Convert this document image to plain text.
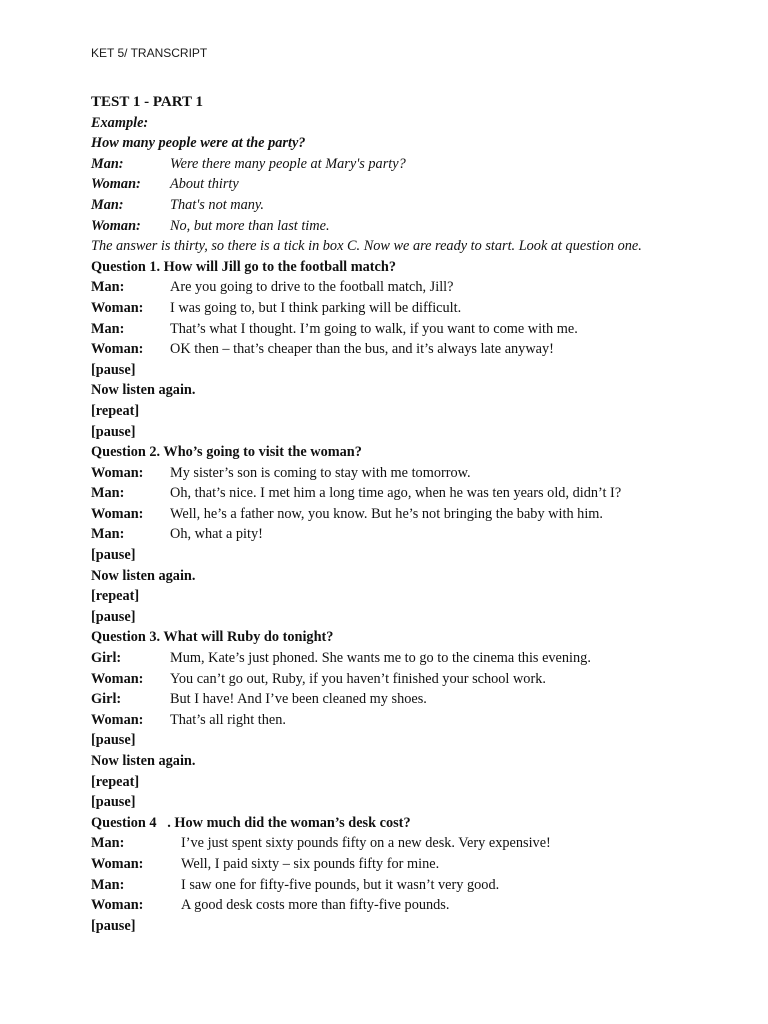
KET 5/ TRANSCRIPT
TEST 1 - PART 1
Example:
How many people were at the party?
Man:	Were there many people at Mary's party?
Woman: About thirty
Man:	That's not many.
Woman: No, but more than last time.
The answer is thirty, so there is a tick in box C. Now we are ready to start. Look at question one.
Question 1. How will Jill go to the football match?
Man:	Are you going to drive to the football match, Jill?
Woman: I was going to, but I think parking will be difficult.
Man:	That’s what I thought. I’m going to walk, if you want to come with me.
Woman: OK then – that’s cheaper than the bus, and it’s always late anyway!
[pause]
Now listen again.
[repeat]
[pause]
Question 2. Who’s going to visit the woman?
Woman: My sister’s son is coming to stay with me tomorrow.
Man:	Oh, that’s nice. I met him a long time ago, when he was ten years old, didn’t I?
Woman: Well, he’s a father now, you know. But he’s not bringing the baby with him.
Man:	Oh, what a pity!
[pause]
Now listen again.
[repeat]
[pause]
Question 3. What will Ruby do tonight?
Girl:	Mum, Kate’s just phoned. She wants me to go to the cinema this evening.
Woman: You can’t go out, Ruby, if you haven’t finished your school work.
Girl:	But I have! And I’ve been cleaned my shoes.
Woman: That’s all right then.
[pause]
Now listen again.
[repeat]
[pause]
Question 4   . How much did the woman’s desk cost?
Man:	I’ve just spent sixty pounds fifty on a new desk. Very expensive!
Woman:	Well, I paid sixty – six pounds fifty for mine.
Man:	I saw one for fifty-five pounds, but it wasn’t very good.
Woman:	A good desk costs more than fifty-five pounds.
[pause]
